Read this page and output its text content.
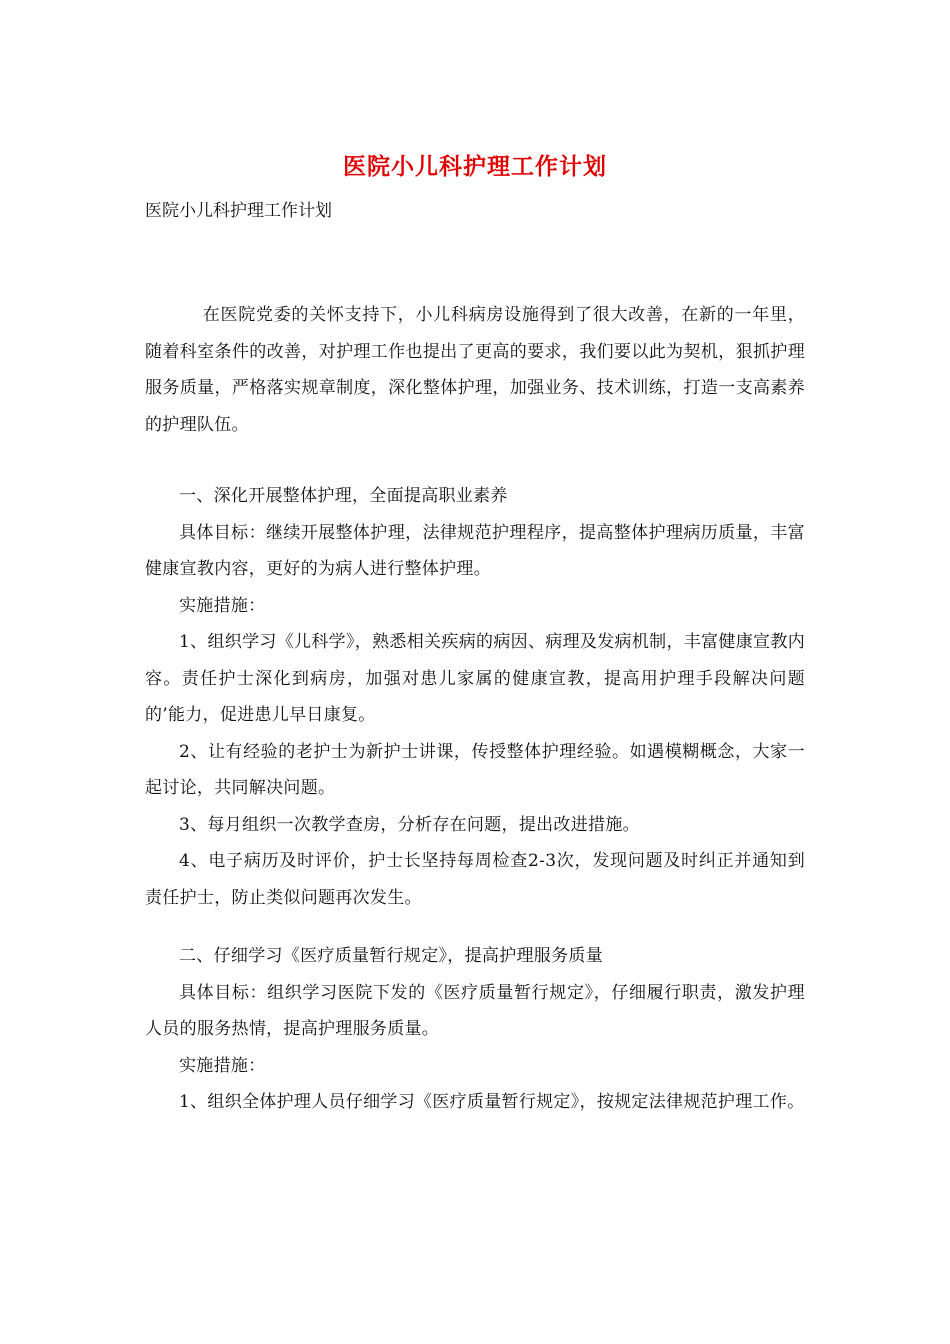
医院小儿科护理工作计划
医院小儿科护理工作计划

在医院党委的关怀支持下，小儿科病房设施得到了很大改善，在新的一年里，随着科室条件的改善，对护理工作也提出了更高的要求，我们要以此为契机，狠抓护理服务质量，严格落实规章制度，深化整体护理，加强业务、技术训练，打造一支高素养的护理队伍。

一、深化开展整体护理，全面提高职业素养

具体目标：继续开展整体护理，法律规范护理程序，提高整体护理病历质量，丰富健康宣教内容，更好的为病人进行整体护理。

实施措施：

1、组织学习《儿科学》，熟悉相关疾病的病因、病理及发病机制，丰富健康宣教内容。责任护士深化到病房，加强对患儿家属的健康宣教，提高用护理手段解决问题的’能力，促进患儿早日康复。

2、让有经验的老护士为新护士讲课，传授整体护理经验。如遇模糊概念，大家一起讨论，共同解决问题。

3、每月组织一次教学查房，分析存在问题，提出改进措施。

4、电子病历及时评价，护士长坚持每周检查2-3次，发现问题及时纠正并通知到责任护士，防止类似问题再次发生。

二、仔细学习《医疗质量暂行规定》，提高护理服务质量

具体目标：组织学习医院下发的《医疗质量暂行规定》，仔细履行职责，激发护理人员的服务热情，提高护理服务质量。

实施措施：

1、组织全体护理人员仔细学习《医疗质量暂行规定》，按规定法律规范护理工作。
